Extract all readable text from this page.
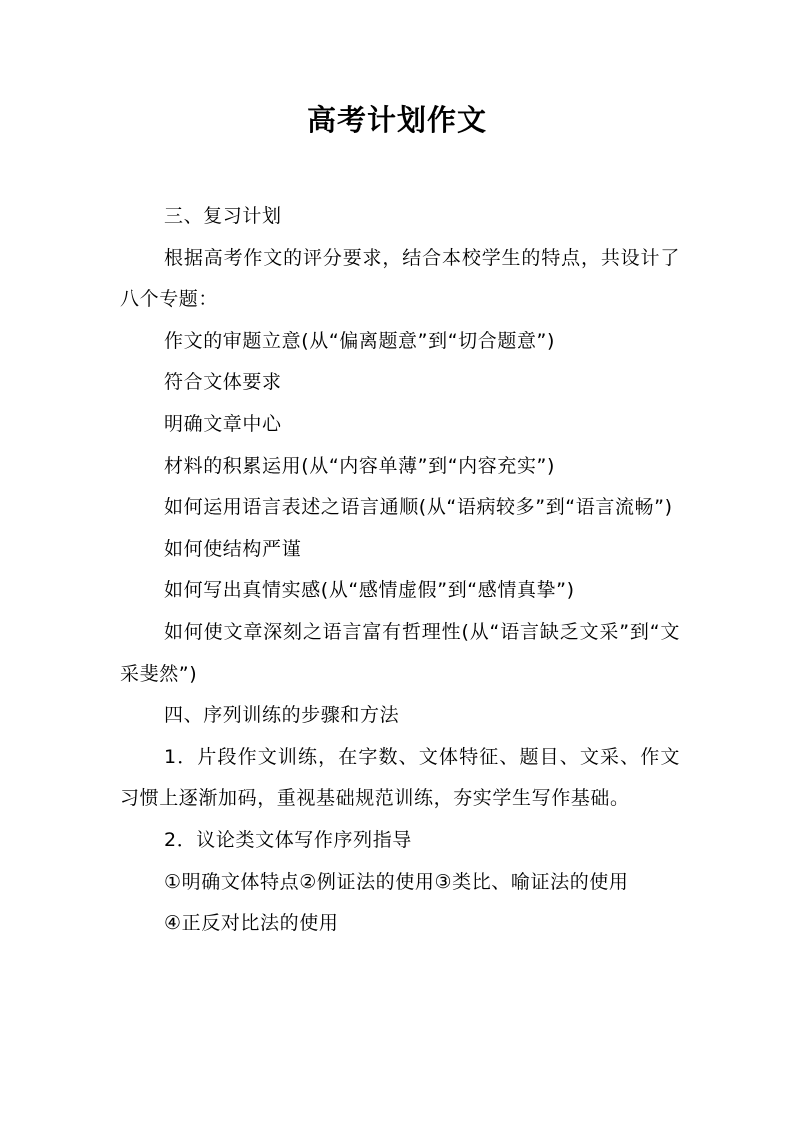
高考计划作文

三、复习计划

根据高考作文的评分要求，结合本校学生的特点，共设计了八个专题：

作文的审题立意(从“偏离题意”到“切合题意”)

符合文体要求

明确文章中心

材料的积累运用(从“内容单薄”到“内容充实”)

如何运用语言表述之语言通顺(从“语病较多”到“语言流畅”)

如何使结构严谨

如何写出真情实感(从“感情虚假”到“感情真挚”)

如何使文章深刻之语言富有哲理性(从“语言缺乏文采”到“文采斐然”)

四、序列训练的步骤和方法

1．片段作文训练，在字数、文体特征、题目、文采、作文习惯上逐渐加码，重视基础规范训练，夯实学生写作基础。

2．议论类文体写作序列指导

①明确文体特点②例证法的使用③类比、喻证法的使用

④正反对比法的使用
